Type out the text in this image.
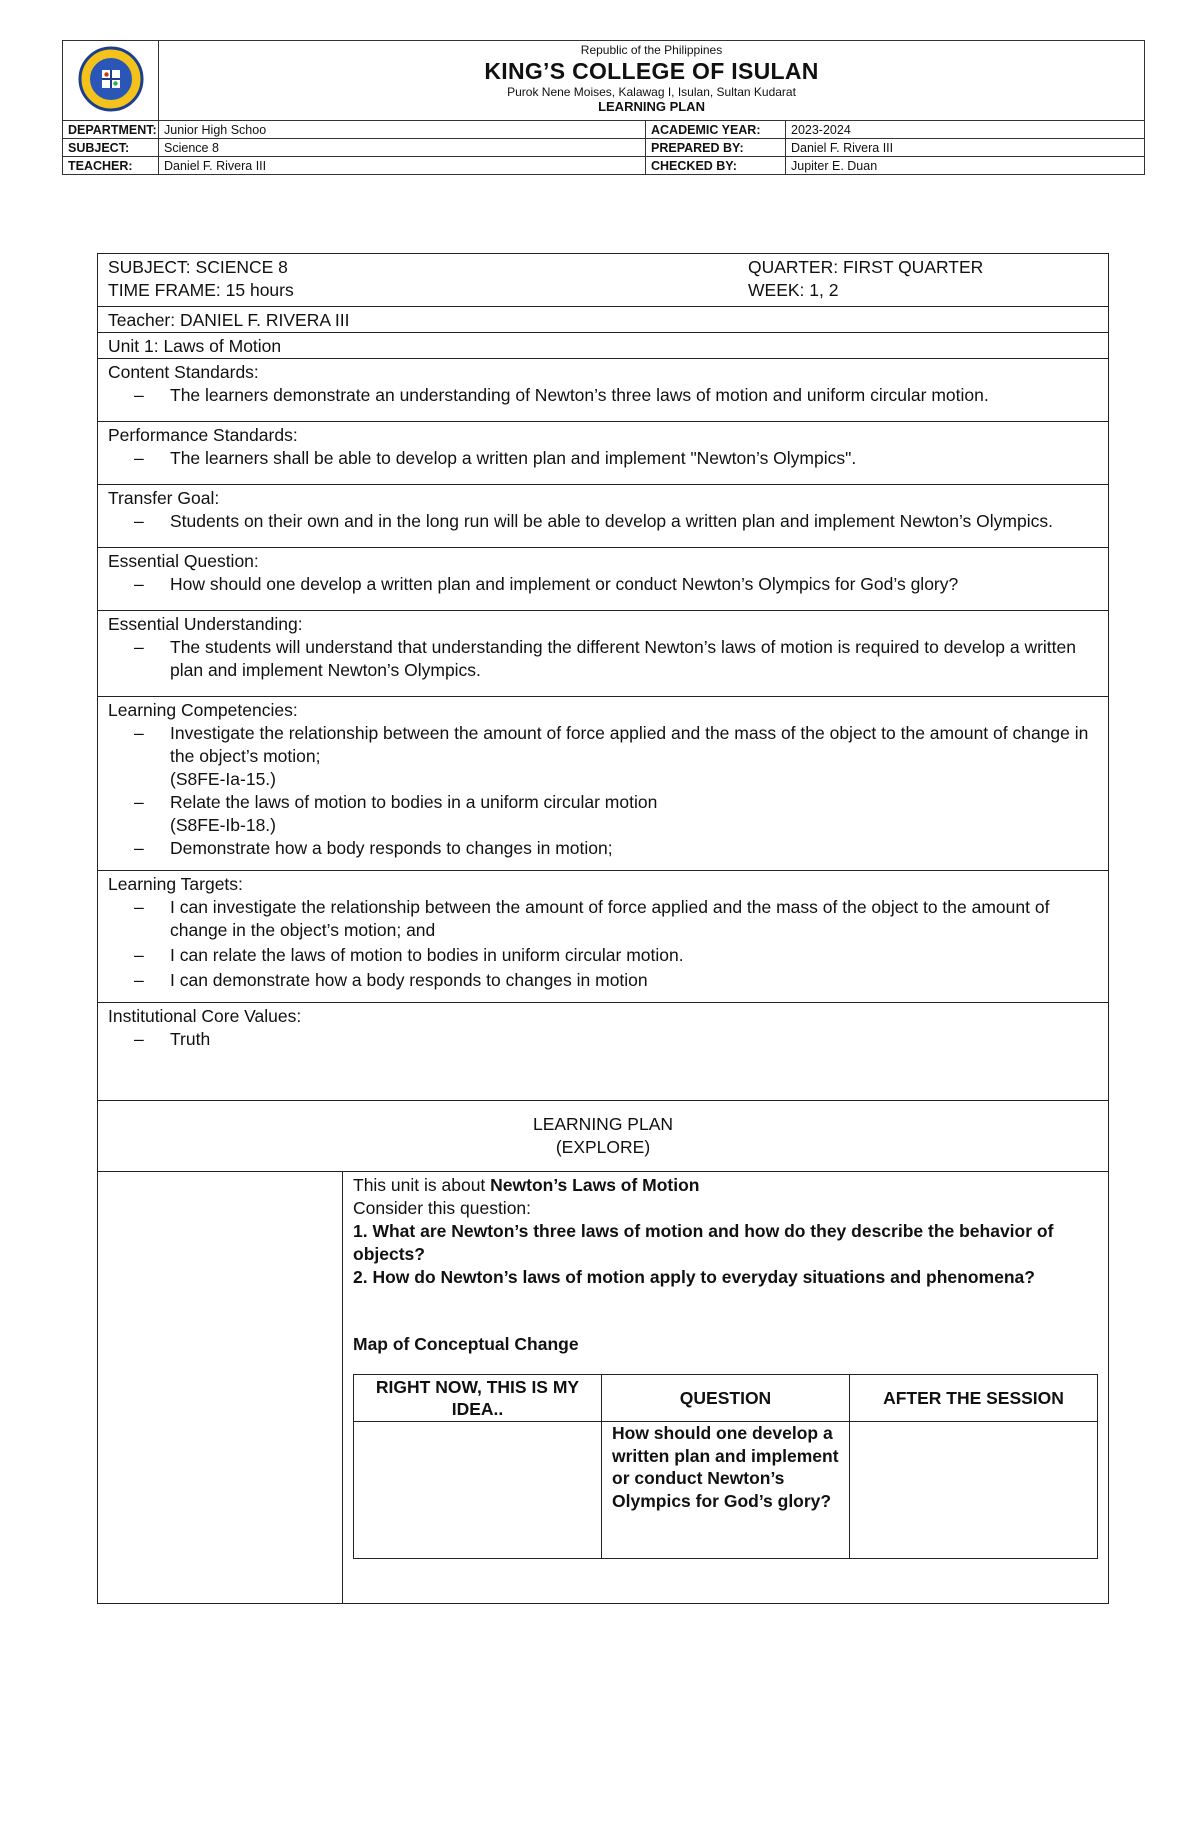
Republic of the Philippines
KING’S COLLEGE OF ISULAN
Purok Nene Moises, Kalawag I, Isulan, Sultan Kudarat
LEARNING PLAN		

DEPARTMENT:	Junior High Schoo	ACADEMIC YEAR:	2023-2024
SUBJECT:	Science 8	PREPARED BY:	Daniel F. Rivera III
TEACHER:	Daniel F. Rivera III	CHECKED BY:	Jupiter E. Duan
SUBJECT: SCIENCE 8
TIME FRAME: 15 hours
QUARTER: FIRST QUARTER
WEEK: 1, 2
Teacher: DANIEL F. RIVERA III
Unit 1: Laws of Motion
Content Standards:
– The learners demonstrate an understanding of Newton’s three laws of motion and uniform circular motion.
Performance Standards:
– The learners shall be able to develop a written plan and implement "Newton’s Olympics".
Transfer Goal:
– Students on their own and in the long run will be able to develop a written plan and implement Newton’s Olympics.
Essential Question:
– How should one develop a written plan and implement or conduct Newton’s Olympics for God’s glory?
Essential Understanding:
– The students will understand that understanding the different Newton’s laws of motion is required to develop a written plan and implement Newton’s Olympics.
Learning Competencies:
– Investigate the relationship between the amount of force applied and the mass of the object to the amount of change in the object’s motion;
(S8FE-Ia-15.)
– Relate the laws of motion to bodies in a uniform circular motion
(S8FE-Ib-18.)
– Demonstrate how a body responds to changes in motion;
Learning Targets:
– I can investigate the relationship between the amount of force applied and the mass of the object to the amount of change in the object’s motion; and
– I can relate the laws of motion to bodies in uniform circular motion.
– I can demonstrate how a body responds to changes in motion
Institutional Core Values:
– Truth
LEARNING PLAN
(EXPLORE)
This unit is about Newton’s Laws of Motion
Consider this question:
1. What are Newton’s three laws of motion and how do they describe the behavior of objects?
2. How do Newton’s laws of motion apply to everyday situations and phenomena?
Map of Conceptual Change
RIGHT NOW, THIS IS MY IDEA..	QUESTION	AFTER THE SESSION
	How should one develop a written plan and implement or conduct Newton’s Olympics for God’s glory?	
